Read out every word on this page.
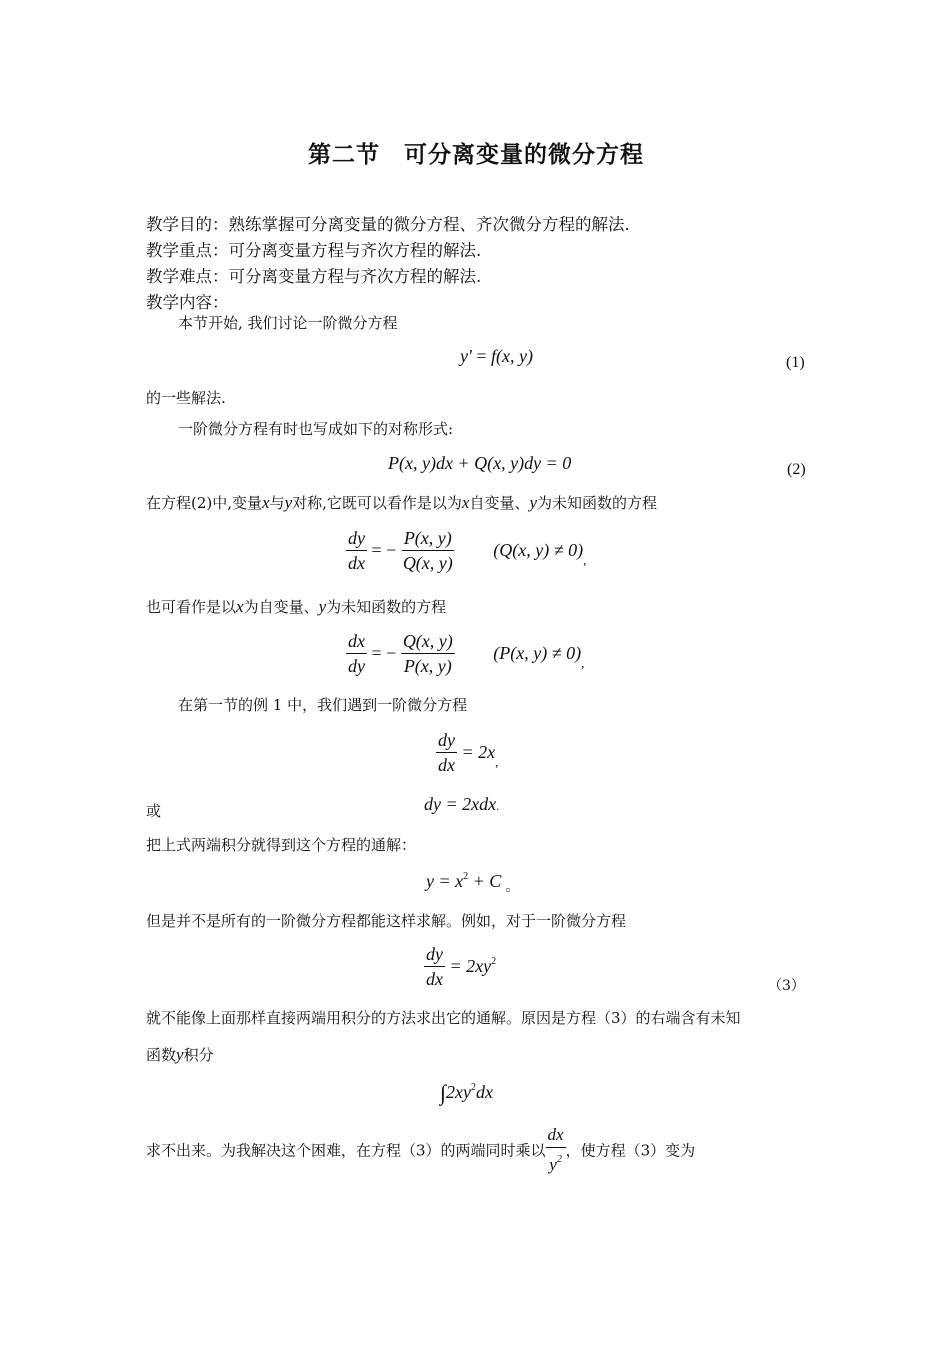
第二节　可分离变量的微分方程
教学目的：熟练掌握可分离变量的微分方程、齐次微分方程的解法.
教学重点：可分离变量方程与齐次方程的解法.
教学难点：可分离变量方程与齐次方程的解法.
教学内容：
本节开始, 我们讨论一阶微分方程
y' = f(x, y)	(1)
的一些解法.
一阶微分方程有时也写成如下的对称形式:
P(x, y)dx + Q(x, y)dy = 0	(2)
在方程(2)中,变量x与y对称,它既可以看作是以为x自变量、y为未知函数的方程
$\frac{dy}{dx}$ = − $\frac{P(x, y)}{Q(x, y)} (Q(x$, $y) \ne 0)_,$
也可看作是以x为自变量、y为未知函数的方程
$\frac{dx}{dy}$ = − $\frac{Q(x, y)}{P(x, y)} (P(x$, $y) \ne 0)_,$
在第一节的例 1 中，我们遇到一阶微分方程
$\frac{dy}{dx} = 2x_,$
或	dy = 2xdx.
把上式两端积分就得到这个方程的通解：
$y = x^2 + C$ $_。$
但是并不是所有的一阶微分方程都能这样求解。例如，对于一阶微分方程
$\frac{dy}{dx} = 2xy^2$
（3）
就不能像上面那样直接两端用积分的方法求出它的通解。原因是方程（3）的右端含有未知
函数y积分
$\int 2xy^2dx$
求不出来。为我解决这个困难，在方程（3）的两端同时乘以 $\frac{dx}{y^2}$ ，使方程（3）变为
